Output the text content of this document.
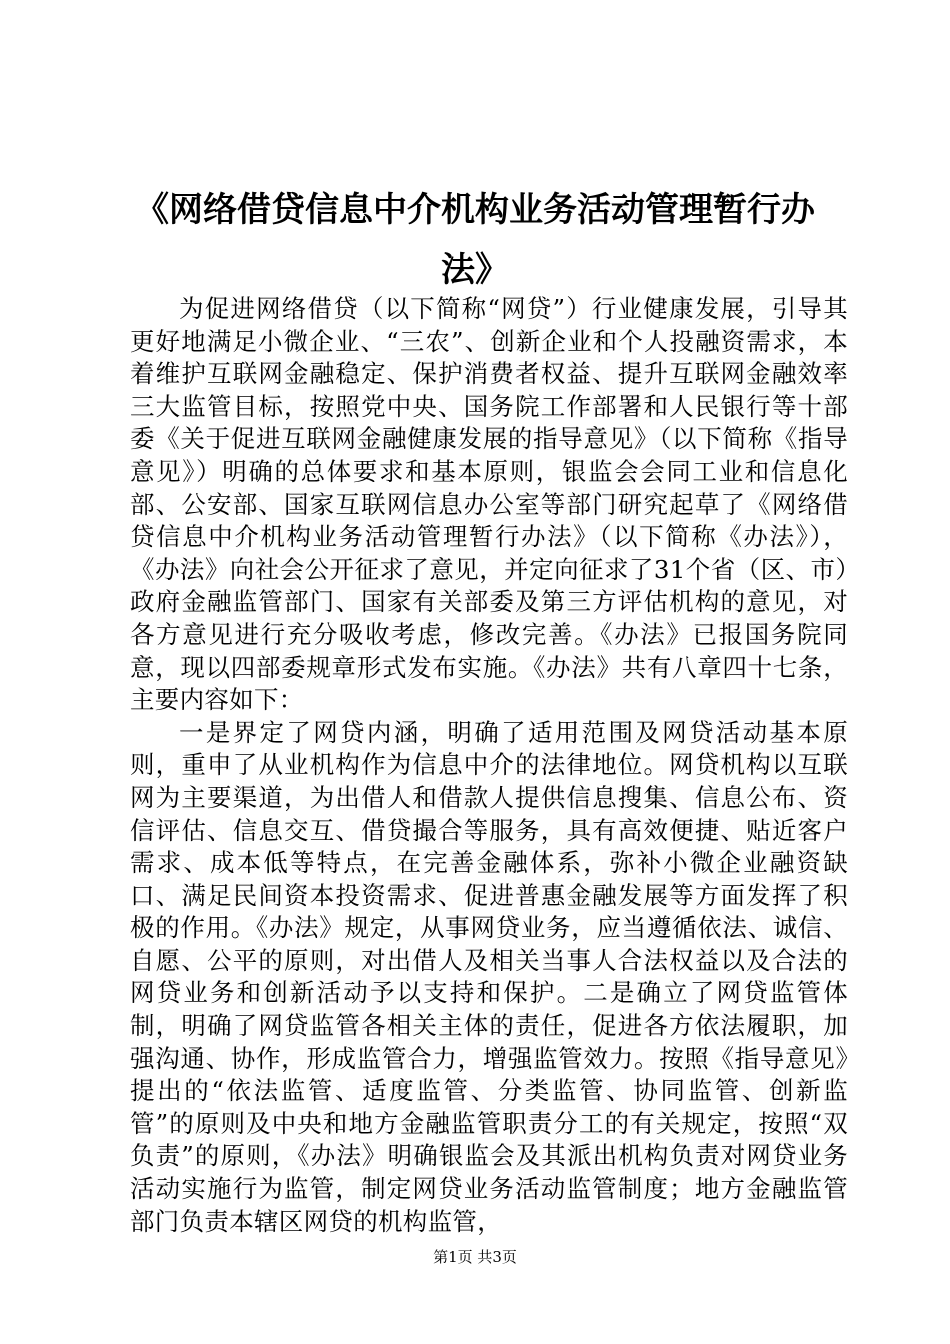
《网络借贷信息中介机构业务活动管理暂行办法》

为促进网络借贷（以下简称“网贷”）行业健康发展，引导其更好地满足小微企业、“三农”、创新企业和个人投融资需求，本着维护互联网金融稳定、保护消费者权益、提升互联网金融效率三大监管目标，按照党中央、国务院工作部署和人民银行等十部委《关于促进互联网金融健康发展的指导意见》（以下简称《指导意见》）明确的总体要求和基本原则，银监会会同工业和信息化部、公安部、国家互联网信息办公室等部门研究起草了《网络借贷信息中介机构业务活动管理暂行办法》（以下简称《办法》），《办法》向社会公开征求了意见，并定向征求了31个省（区、市）政府金融监管部门、国家有关部委及第三方评估机构的意见，对各方意见进行充分吸收考虑，修改完善。《办法》已报国务院同意，现以四部委规章形式发布实施。《办法》共有八章四十七条，主要内容如下：

一是界定了网贷内涵，明确了适用范围及网贷活动基本原则，重申了从业机构作为信息中介的法律地位。网贷机构以互联网为主要渠道，为出借人和借款人提供信息搜集、信息公布、资信评估、信息交互、借贷撮合等服务，具有高效便捷、贴近客户需求、成本低等特点，在完善金融体系，弥补小微企业融资缺口、满足民间资本投资需求、促进普惠金融发展等方面发挥了积极的作用。《办法》规定，从事网贷业务，应当遵循依法、诚信、自愿、公平的原则，对出借人及相关当事人合法权益以及合法的网贷业务和创新活动予以支持和保护。二是确立了网贷监管体制，明确了网贷监管各相关主体的责任，促进各方依法履职，加强沟通、协作，形成监管合力，增强监管效力。按照《指导意见》提出的“依法监管、适度监管、分类监管、协同监管、创新监管”的原则及中央和地方金融监管职责分工的有关规定，按照“双负责”的原则，《办法》明确银监会及其派出机构负责对网贷业务活动实施行为监管，制定网贷业务活动监管制度；地方金融监管部门负责本辖区网贷的机构监管，

第1页 共3页
